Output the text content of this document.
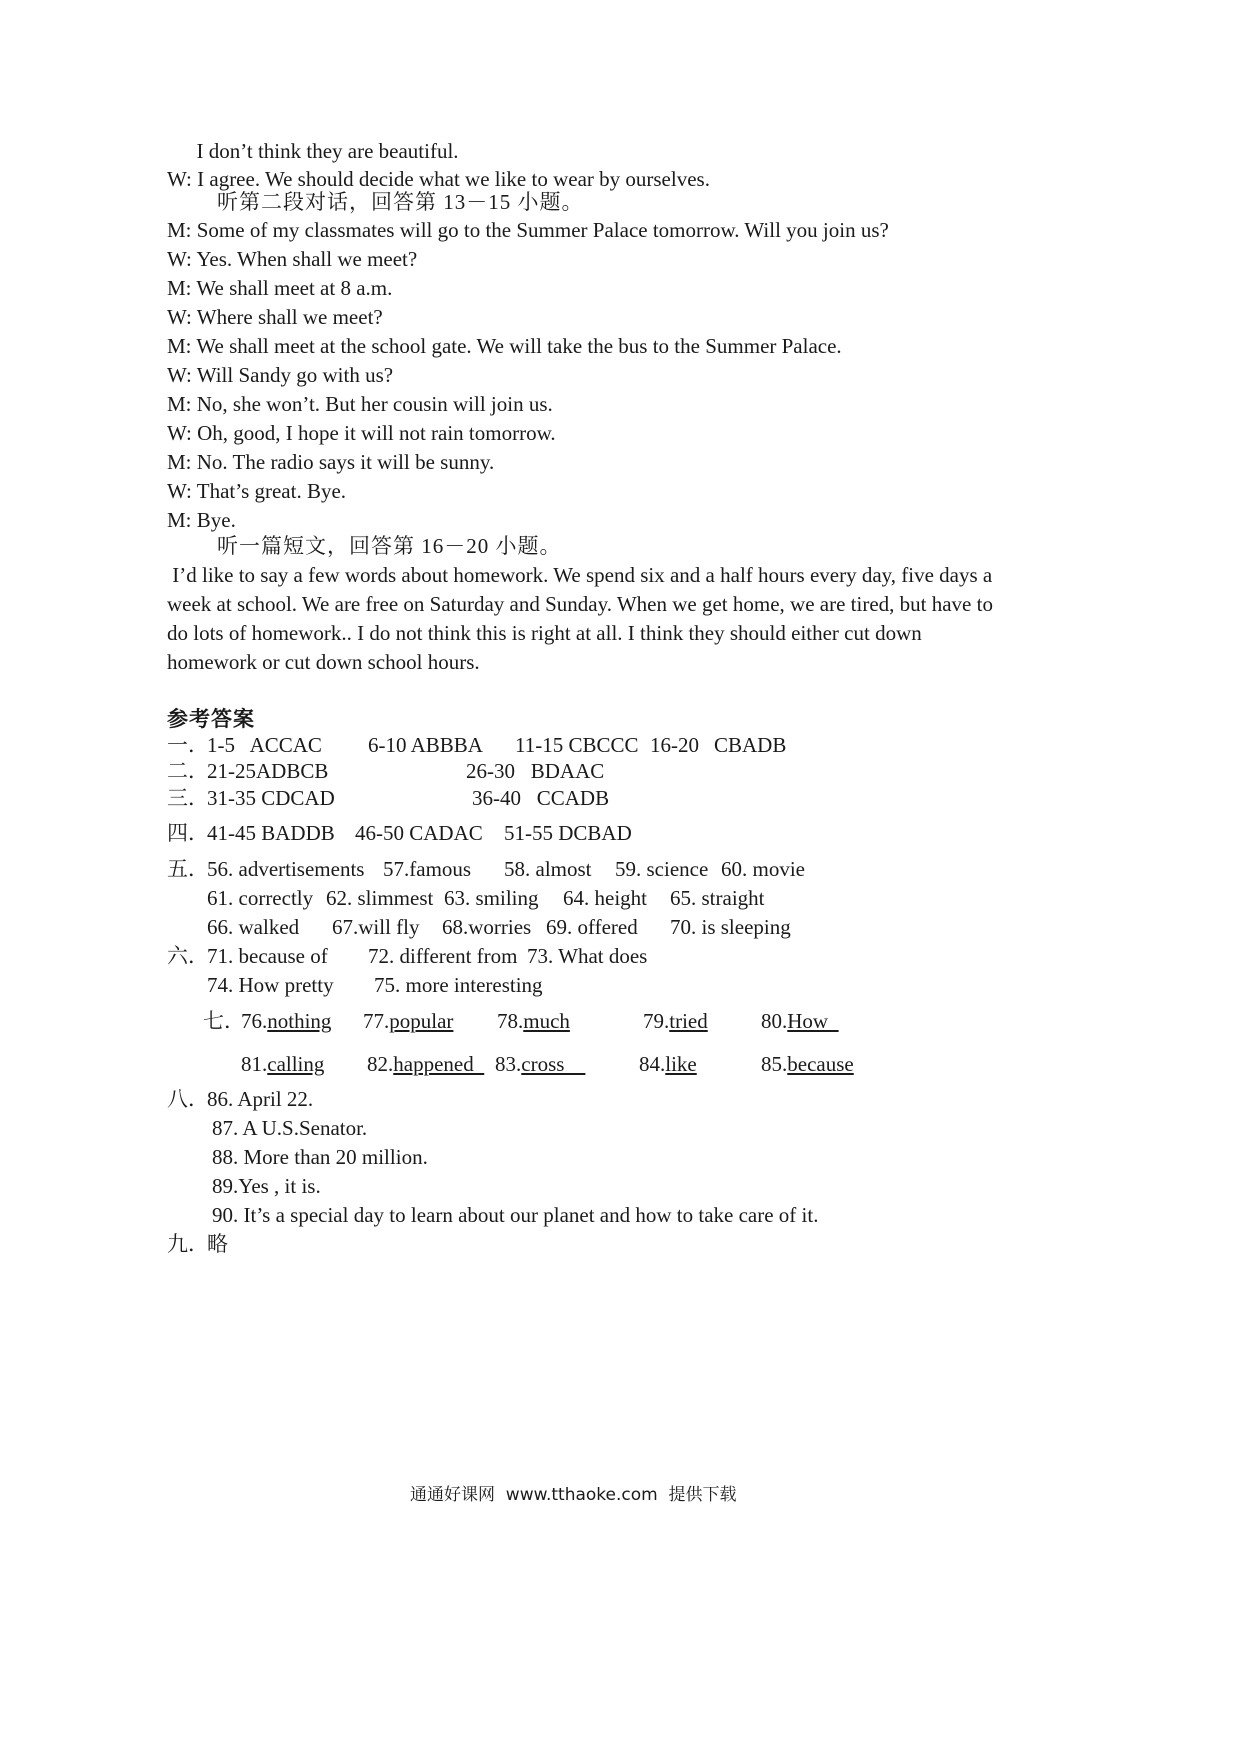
I don’t think they are beautiful.
W: I agree. We should decide what we like to wear by ourselves.
听第二段对话，回答第 13－15 小题。
M: Some of my classmates will go to the Summer Palace tomorrow. Will you join us?
W: Yes. When shall we meet?
M: We shall meet at 8 a.m.
W: Where shall we meet?
M: We shall meet at the school gate. We will take the bus to the Summer Palace.
W: Will Sandy go with us?
M: No, she won’t. But her cousin will join us.
W: Oh, good, I hope it will not rain tomorrow.
M: No. The radio says it will be sunny.
W: That’s great. Bye.
M: Bye.
听一篇短文，回答第 16－20 小题。
I’d like to say a few words about homework. We spend six and a half hours every day, five days a
week at school. We are free on Saturday and Sunday. When we get home, we are tired, but have to
do lots of homework.. I do not think this is right at all. I think they should either cut down
homework or cut down school hours.
参考答案
一．
1-5   ACCAC 6-10 ABBBA 11-15 CBCCC 16-20 CBADB
二．
21-25ADBCB	26-30   BDAAC
三．
31-35 CDCAD	36-40   CCADB
四．
41-45 BADDB 46-50 CADAC 51-55 DCBAD
五．
56. advertisements 57.famous 58. almost 59. science 60. movie
61. correctly 62. slimmest 63. smiling 64. height 65. straight
66. walked 67.will fly 68.worries 69. offered 70. is sleeping
六．
71. because of 72. different from 73. What does
74. How pretty 75. more interesting
七．
76.nothing 77.popular 78.much	79.tried	80.How
81.calling 82.happened 83.cross	84.like	85.because
八．
86. April 22.
87. A U.S.Senator.
88. More than 20 million.
89.Yes , it is.
90. It’s a special day to learn about our planet and how to take care of it.
九．
略
通通好课网  www.tthaoke.com  提供下载
